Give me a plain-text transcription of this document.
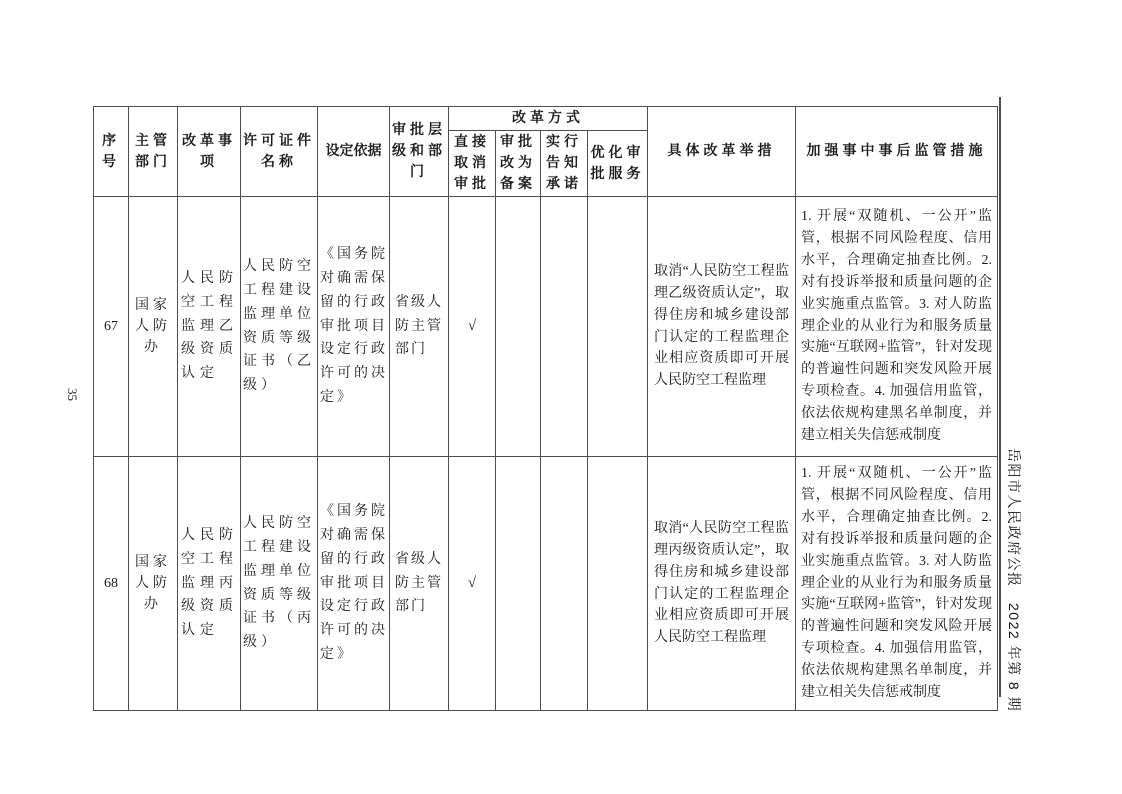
序号	主管部门	改革事项	许可证件名称	设定依据	审批层级和部门	改革方式				具体改革举措	加强事中事后监管措施
						直接取消审批	审批改为备案	实行告知承诺	优化审批服务		
67	国家人防办	人民防空工程监理乙级资质认定	人民防空工程建设监理单位资质等级证书（乙级）	《国务院对确需保留的行政审批项目设定行政许可的决定》	省级人防主管部门	√				取消“人民防空工程监理乙级资质认定”，取得住房和城乡建设部门认定的工程监理企业相应资质即可开展人民防空工程监理	1. 开展“双随机、一公开”监管，根据不同风险程度、信用水平，合理确定抽查比例。2. 对有投诉举报和质量问题的企业实施重点监管。3. 对人防监理企业的从业行为和服务质量实施“互联网+监管”，针对发现的普遍性问题和突发风险开展专项检查。4. 加强信用监管，依法依规构建黑名单制度，并建立相关失信惩戒制度
68	国家人防办	人民防空工程监理丙级资质认定	人民防空工程建设监理单位资质等级证书（丙级）	《国务院对确需保留的行政审批项目设定行政许可的决定》	省级人防主管部门	√				取消“人民防空工程监理丙级资质认定”，取得住房和城乡建设部门认定的工程监理企业相应资质即可开展人民防空工程监理	1. 开展“双随机、一公开”监管，根据不同风险程度、信用水平，合理确定抽查比例。2. 对有投诉举报和质量问题的企业实施重点监管。3. 对人防监理企业的从业行为和服务质量实施“互联网+监管”，针对发现的普遍性问题和突发风险开展专项检查。4. 加强信用监管，依法依规构建黑名单制度，并建立相关失信惩戒制度
35
岳阳市人民政府公报　2022 年第 8 期
